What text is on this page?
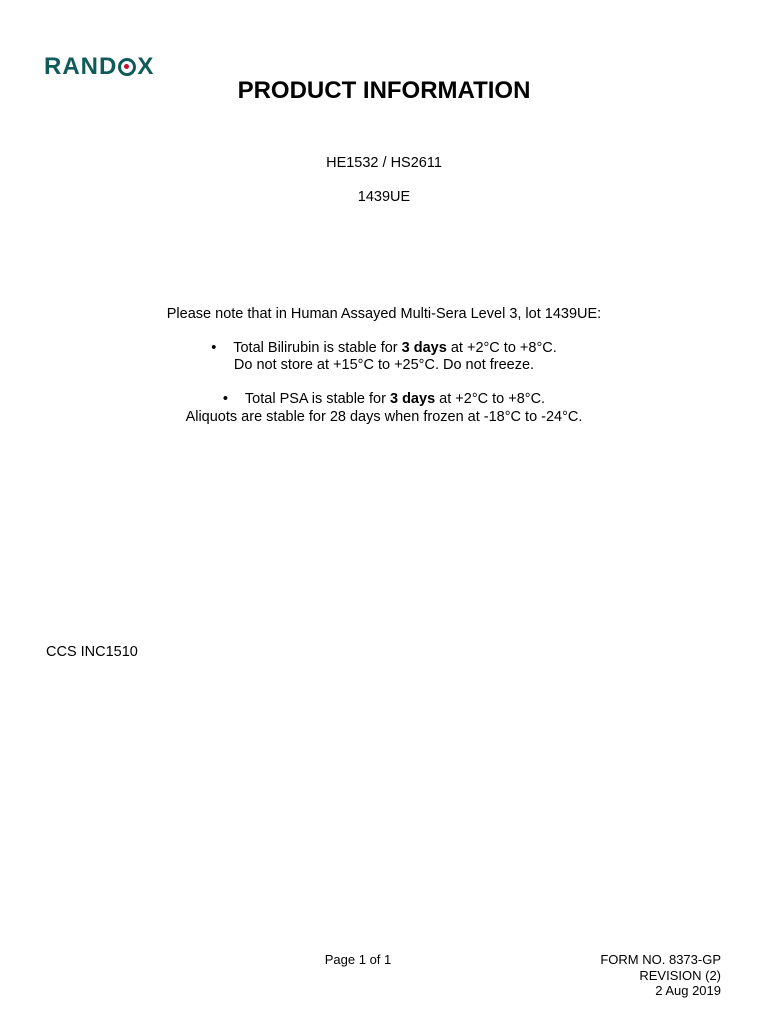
RAND X
PRODUCT INFORMATION
HE1532 / HS2611
1439UE
Please note that in Human Assayed Multi-Sera Level 3, lot 1439UE:
• Total Bilirubin is stable for 3 days at +2°C to +8°C.
Do not store at +15°C to +25°C. Do not freeze.
• Total PSA is stable for 3 days at +2°C to +8°C.
Aliquots are stable for 28 days when frozen at -18°C to -24°C.
CCS INC1510
Page 1 of 1	FORM NO. 8373-GP
REVISION (2)
2 Aug 2019
